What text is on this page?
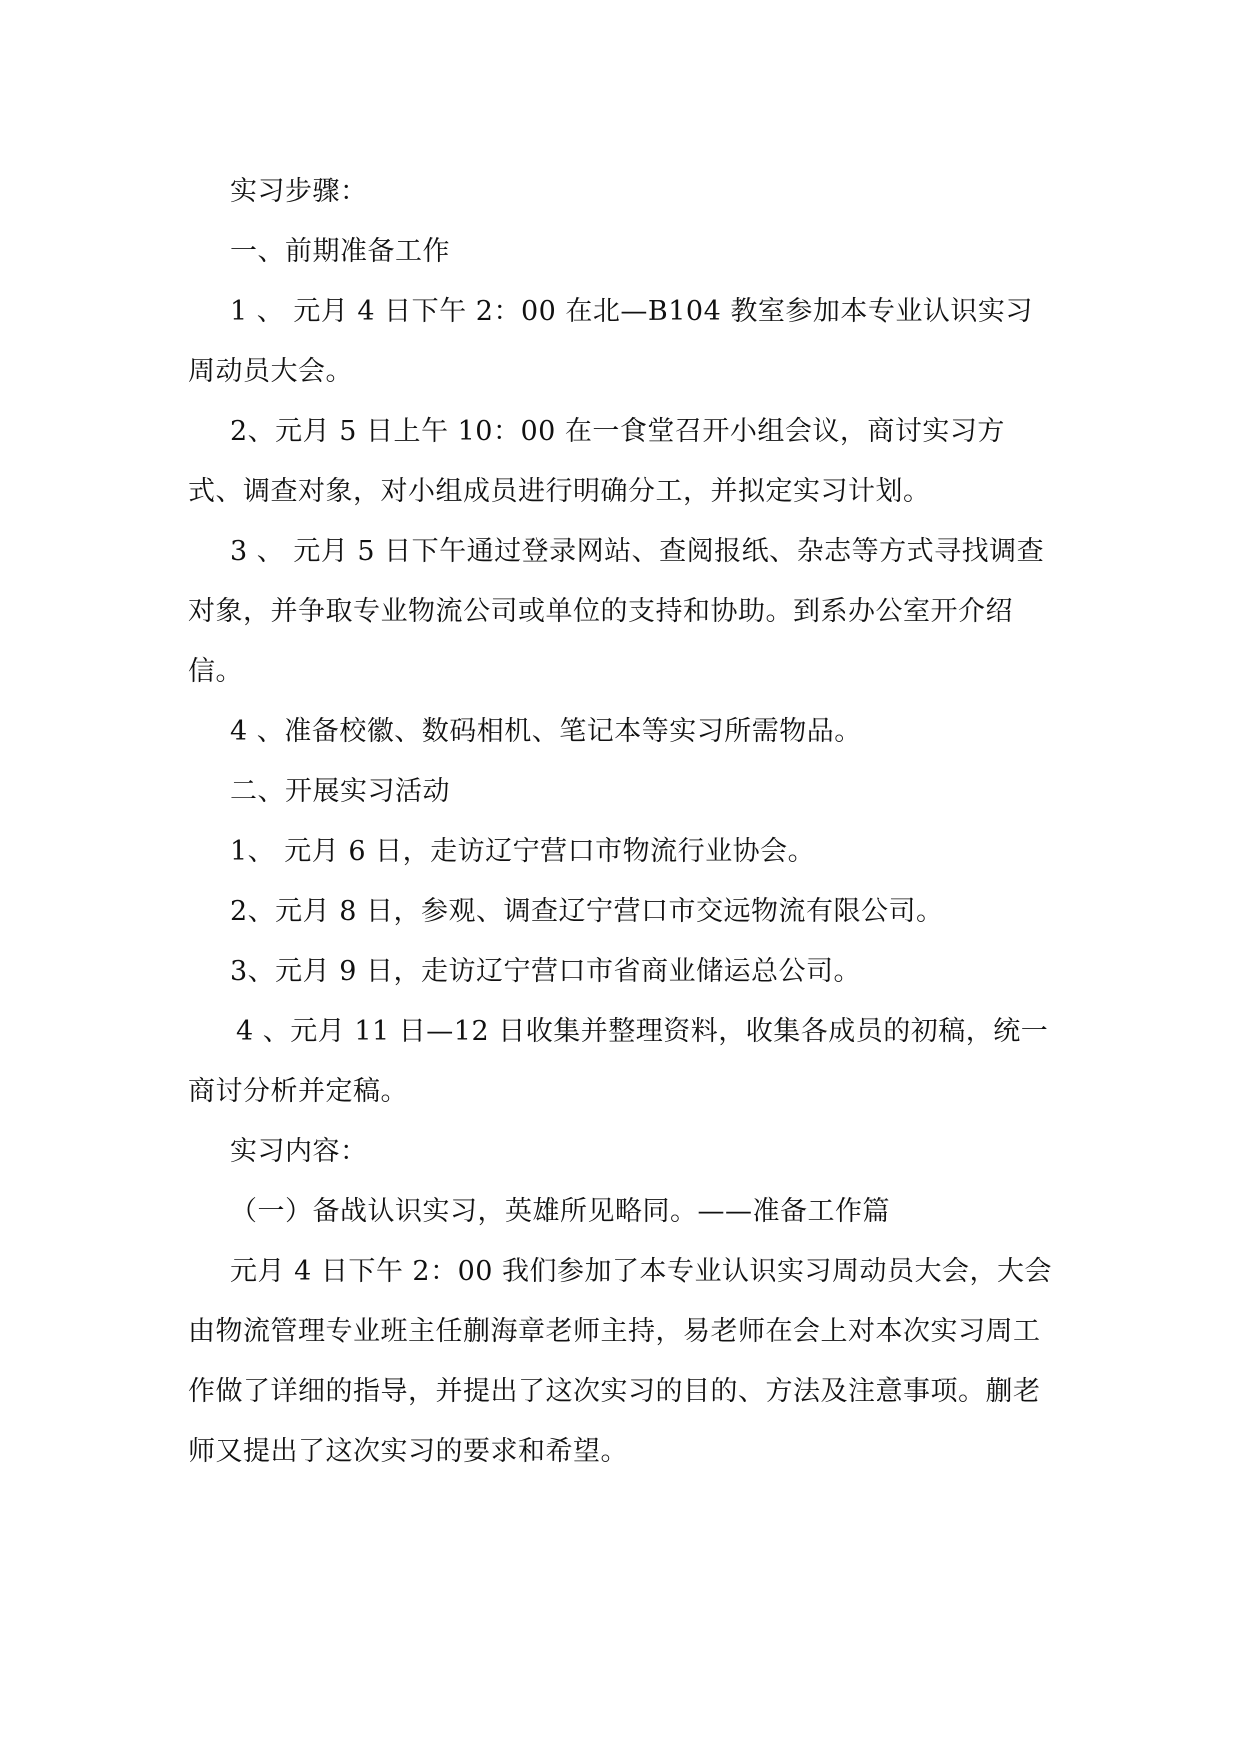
实习步骤：

一、前期准备工作

1 、 元月 4 日下午 2：00 在北—B104 教室参加本专业认识实习周动员大会。

2、元月 5 日上午 10：00 在一食堂召开小组会议，商讨实习方式、调查对象，对小组成员进行明确分工，并拟定实习计划。

3 、 元月 5 日下午通过登录网站、查阅报纸、杂志等方式寻找调查对象，并争取专业物流公司或单位的支持和协助。到系办公室开介绍信。

4 、准备校徽、数码相机、笔记本等实习所需物品。

二、开展实习活动

1、 元月 6 日，走访辽宁营口市物流行业协会。

2、元月 8 日，参观、调查辽宁营口市交远物流有限公司。

3、元月 9 日，走访辽宁营口市省商业储运总公司。

4 、元月 11 日—12 日收集并整理资料，收集各成员的初稿，统一商讨分析并定稿。

实习内容：

（一）备战认识实习，英雄所见略同。——准备工作篇

元月 4 日下午 2：00 我们参加了本专业认识实习周动员大会，大会由物流管理专业班主任蒯海章老师主持，易老师在会上对本次实习周工作做了详细的指导，并提出了这次实习的目的、方法及注意事项。蒯老师又提出了这次实习的要求和希望。
